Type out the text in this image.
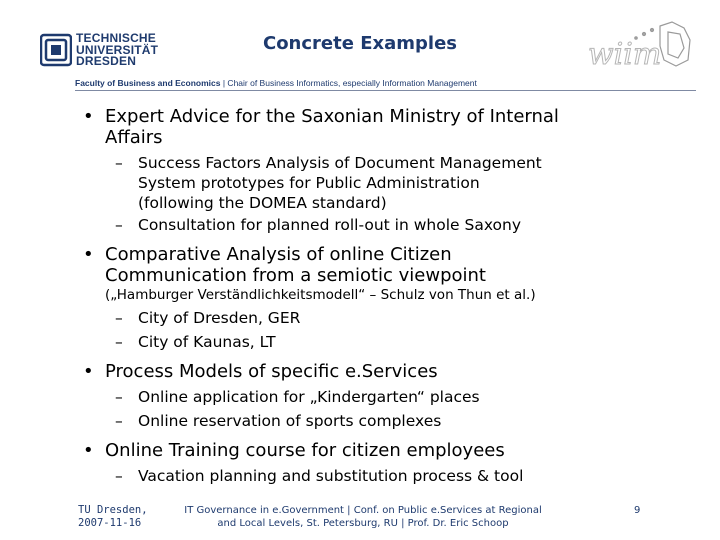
TECHNISCHE
UNIVERSITÄT
DRESDEN
Concrete Examples	wiim
Faculty of Business and Economics | Chair of Business Informatics, especially Information Management
• Expert Advice for the Saxonian Ministry of Internal
Affairs
– Success Factors Analysis of Document Management
System prototypes for Public Administration
(following the DOMEA standard)
– Consultation for planned roll-out in whole Saxony
• Comparative Analysis of online Citizen
Communication from a semiotic viewpoint
(„Hamburger Verständlichkeitsmodell“ – Schulz von Thun et al.)
– City of Dresden, GER
– City of Kaunas, LT
• Process Models of specific e.Services
– Online application for „Kindergarten“ places
– Online reservation of sports complexes
• Online Training course for citizen employees
– Vacation planning and substitution process & tool
TU Dresden,
2007-11-16
IT Governance in e.Government | Conf. on Public e.Services at Regional
and Local Levels, St. Petersburg, RU | Prof. Dr. Eric Schoop
9
